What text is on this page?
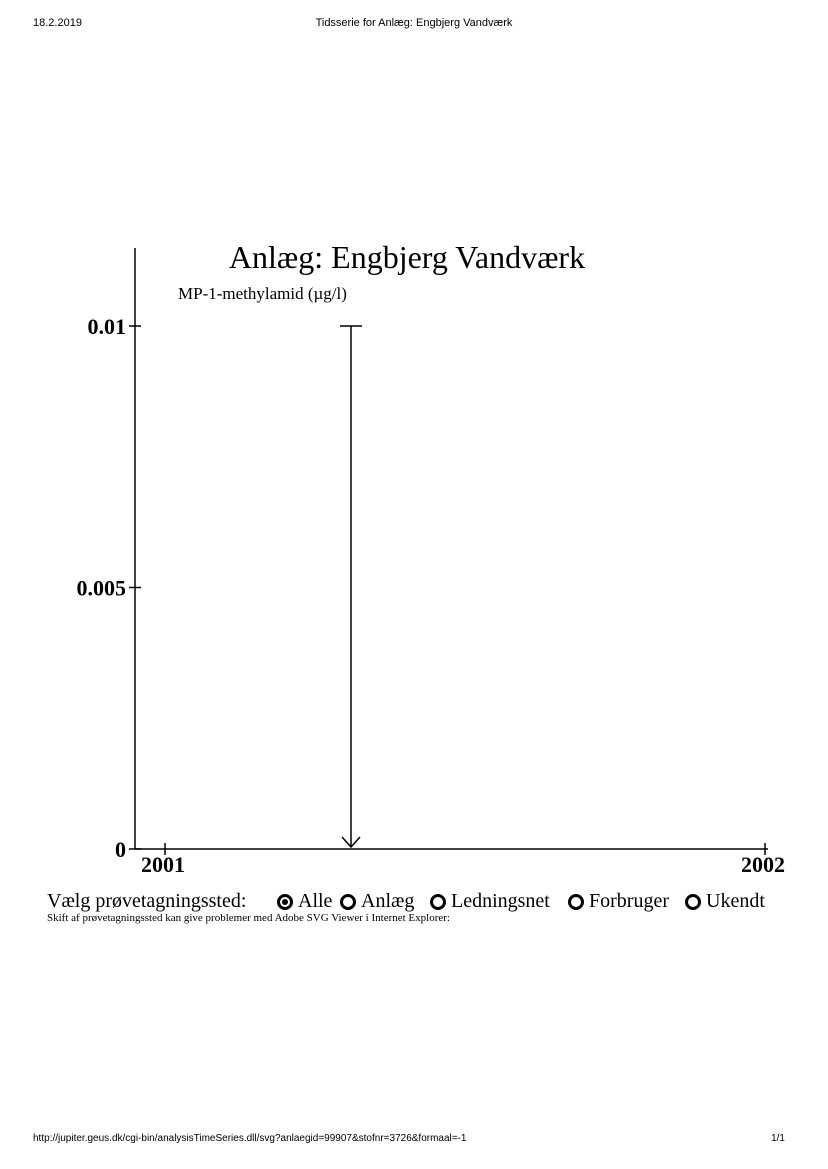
18.2.2019	Tidsserie for Anlæg: Engbjerg Vandværk
Anlæg: Engbjerg Vandværk
MP-1-methylamid (µg/l)
0
0.005
0.01
2001	2002
Vælg prøvetagningssted:	Alle Anlæg Ledningsnet Forbruger Ukendt
Skift af prøvetagningssted kan give problemer med Adobe SVG Viewer i Internet Explorer:
http://jupiter.geus.dk/cgi-bin/analysisTimeSeries.dll/svg?anlaegid=99907&stofnr=3726&formaal=-1	1/1
